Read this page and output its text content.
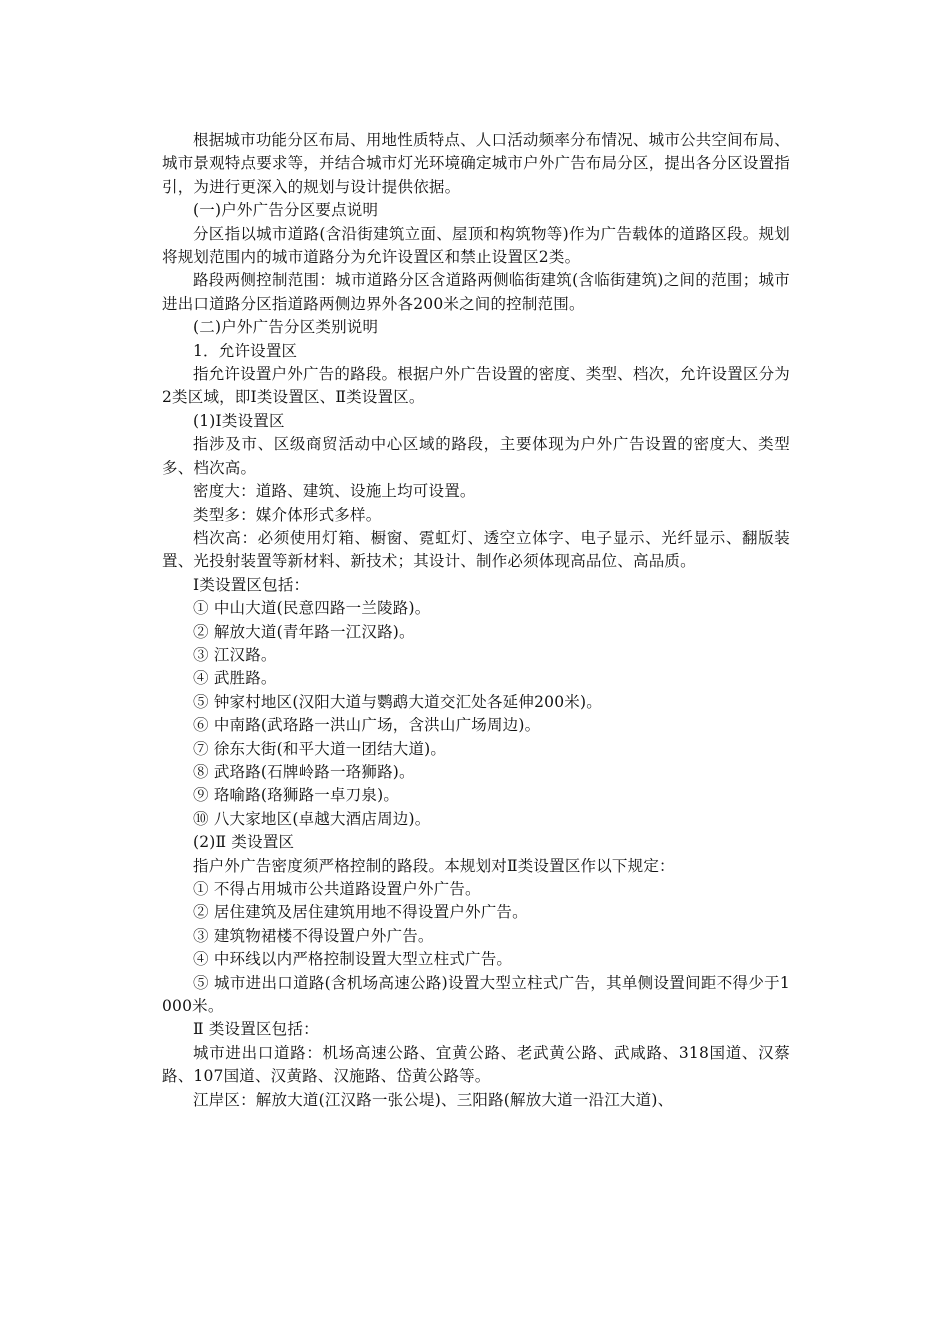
根据城市功能分区布局、用地性质特点、人口活动频率分布情况、城市公共空间布局、城市景观特点要求等，并结合城市灯光环境确定城市户外广告布局分区，提出各分区设置指引，为进行更深入的规划与设计提供依据。

(一)户外广告分区要点说明

分区指以城市道路(含沿街建筑立面、屋顶和构筑物等)作为广告载体的道路区段。规划将规划范围内的城市道路分为允许设置区和禁止设置区2类。

路段两侧控制范围：城市道路分区含道路两侧临街建筑(含临街建筑)之间的范围；城市进出口道路分区指道路两侧边界外各200米之间的控制范围。

(二)户外广告分区类别说明

1．允许设置区

指允许设置户外广告的路段。根据户外广告设置的密度、类型、档次，允许设置区分为2类区域，即Ⅰ类设置区、Ⅱ类设置区。

(1)Ⅰ类设置区

指涉及市、区级商贸活动中心区域的路段，主要体现为户外广告设置的密度大、类型多、档次高。

密度大：道路、建筑、设施上均可设置。

类型多：媒介体形式多样。

档次高：必须使用灯箱、橱窗、霓虹灯、透空立体字、电子显示、光纤显示、翻版装置、光投射装置等新材料、新技术；其设计、制作必须体现高品位、高品质。

Ⅰ类设置区包括：

① 中山大道(民意四路一兰陵路)。

② 解放大道(青年路一江汉路)。

③ 江汉路。

④ 武胜路。

⑤ 钟家村地区(汉阳大道与鹦鹉大道交汇处各延伸200米)。

⑥ 中南路(武珞路一洪山广场，含洪山广场周边)。

⑦ 徐东大街(和平大道一团结大道)。

⑧ 武珞路(石牌岭路一珞狮路)。

⑨ 珞喻路(珞狮路一卓刀泉)。

⑩ 八大家地区(卓越大酒店周边)。

(2)Ⅱ 类设置区

指户外广告密度须严格控制的路段。本规划对Ⅱ类设置区作以下规定：

① 不得占用城市公共道路设置户外广告。

② 居住建筑及居住建筑用地不得设置户外广告。

③ 建筑物裙楼不得设置户外广告。

④ 中环线以内严格控制设置大型立柱式广告。

⑤ 城市进出口道路(含机场高速公路)设置大型立柱式广告，其单侧设置间距不得少于1000米。

Ⅱ 类设置区包括：

城市进出口道路：机场高速公路、宜黄公路、老武黄公路、武咸路、318国道、汉蔡路、107国道、汉黄路、汉施路、岱黄公路等。

江岸区：解放大道(江汉路一张公堤)、三阳路(解放大道一沿江大道)、
